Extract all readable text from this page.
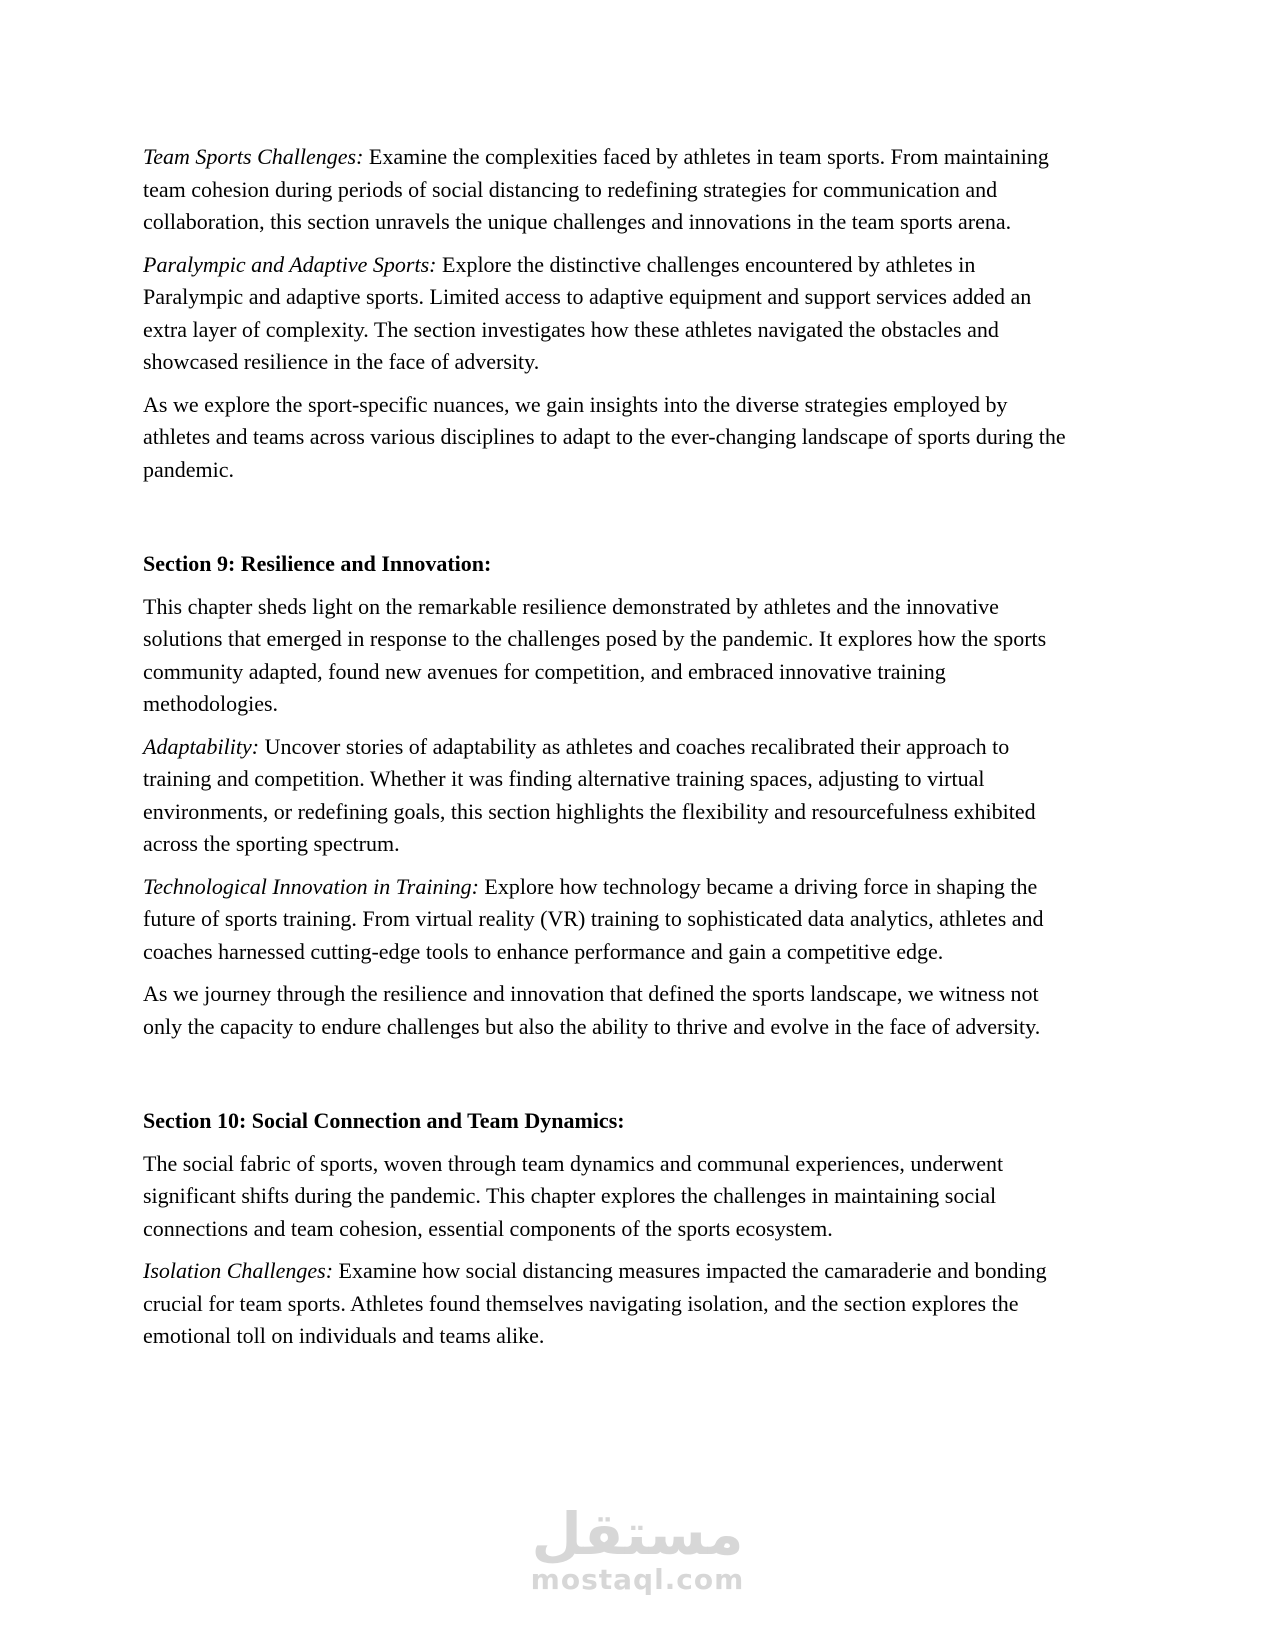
Team Sports Challenges: Examine the complexities faced by athletes in team sports. From maintaining team cohesion during periods of social distancing to redefining strategies for communication and collaboration, this section unravels the unique challenges and innovations in the team sports arena.

Paralympic and Adaptive Sports: Explore the distinctive challenges encountered by athletes in Paralympic and adaptive sports. Limited access to adaptive equipment and support services added an extra layer of complexity. The section investigates how these athletes navigated the obstacles and showcased resilience in the face of adversity.

As we explore the sport-specific nuances, we gain insights into the diverse strategies employed by athletes and teams across various disciplines to adapt to the ever-changing landscape of sports during the pandemic.

Section 9: Resilience and Innovation:

This chapter sheds light on the remarkable resilience demonstrated by athletes and the innovative solutions that emerged in response to the challenges posed by the pandemic. It explores how the sports community adapted, found new avenues for competition, and embraced innovative training methodologies.

Adaptability: Uncover stories of adaptability as athletes and coaches recalibrated their approach to training and competition. Whether it was finding alternative training spaces, adjusting to virtual environments, or redefining goals, this section highlights the flexibility and resourcefulness exhibited across the sporting spectrum.

Technological Innovation in Training: Explore how technology became a driving force in shaping the future of sports training. From virtual reality (VR) training to sophisticated data analytics, athletes and coaches harnessed cutting-edge tools to enhance performance and gain a competitive edge.

As we journey through the resilience and innovation that defined the sports landscape, we witness not only the capacity to endure challenges but also the ability to thrive and evolve in the face of adversity.

Section 10: Social Connection and Team Dynamics:

The social fabric of sports, woven through team dynamics and communal experiences, underwent significant shifts during the pandemic. This chapter explores the challenges in maintaining social connections and team cohesion, essential components of the sports ecosystem.

Isolation Challenges: Examine how social distancing measures impacted the camaraderie and bonding crucial for team sports. Athletes found themselves navigating isolation, and the section explores the emotional toll on individuals and teams alike.

مستقل
mostaql.com
